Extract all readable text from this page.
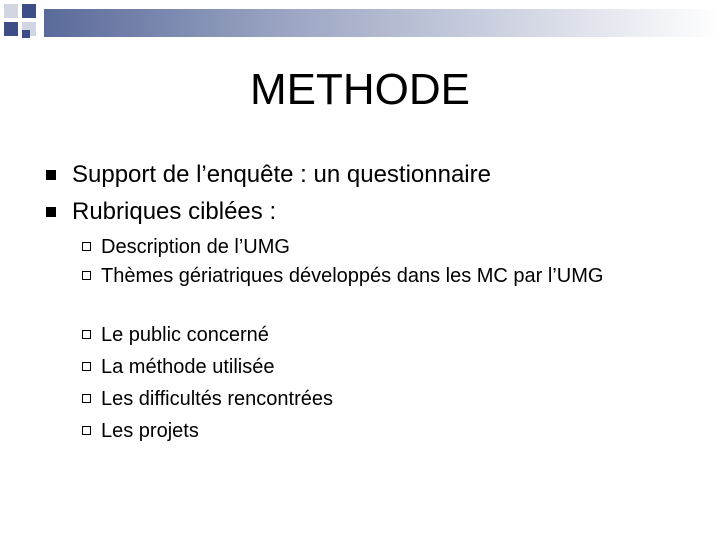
METHODE
Support de l’enquête : un questionnaire
Rubriques ciblées :
Description de l’UMG
Thèmes gériatriques développés dans les MC par l’UMG
Le public concerné
La méthode utilisée
Les difficultés rencontrées
Les projets
